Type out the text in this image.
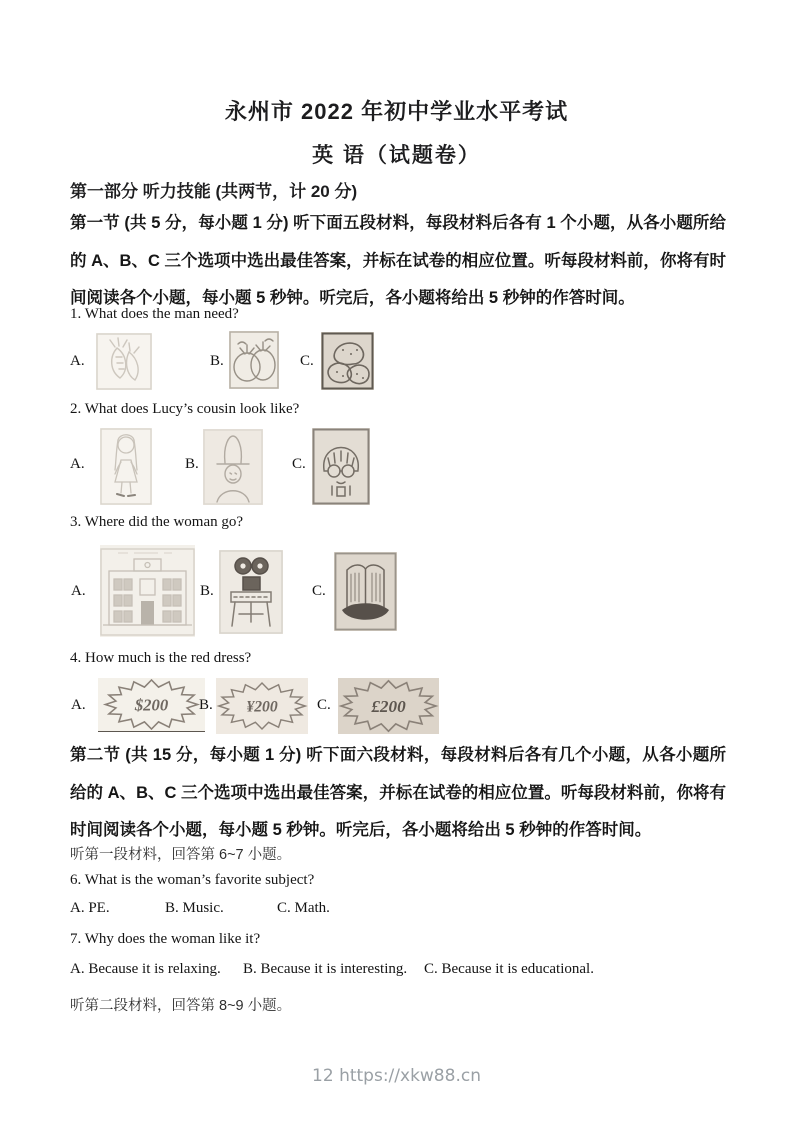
永州市 2022 年初中学业水平考试
英 语（试题卷）
第一部分 听力技能 (共两节，计 20 分)
第一节 (共 5 分，每小题 1 分) 听下面五段材料，每段材料后各有 1 个小题，从各小题所给的 A、B、C 三个选项中选出最佳答案，并标在试卷的相应位置。听每段材料前，你将有时间阅读各个小题，每小题 5 秒钟。听完后，各小题将给出 5 秒钟的作答时间。
1. What does the man need?
A.	B.	C.
2. What does Lucy’s cousin look like?
A.	B.	C.
3. Where did the woman go?
A.	B.	C.
4. How much is the red dress?
A.	$200 B. ¥200	C. £200
第二节 (共 15 分，每小题 1 分) 听下面六段材料，每段材料后各有几个小题，从各小题所给的 A、B、C 三个选项中选出最佳答案，并标在试卷的相应位置。听每段材料前，你将有时间阅读各个小题，每小题 5 秒钟。听完后，各小题将给出 5 秒钟的作答时间。
听第一段材料，回答第 6~7 小题。
6. What is the woman’s favorite subject?
A. PE.	B. Music.	C. Math.
7. Why does the woman like it?
A. Because it is relaxing. B. Because it is interesting. C. Because it is educational.
听第二段材料，回答第 8~9 小题。
12 https://xkw88.cn
